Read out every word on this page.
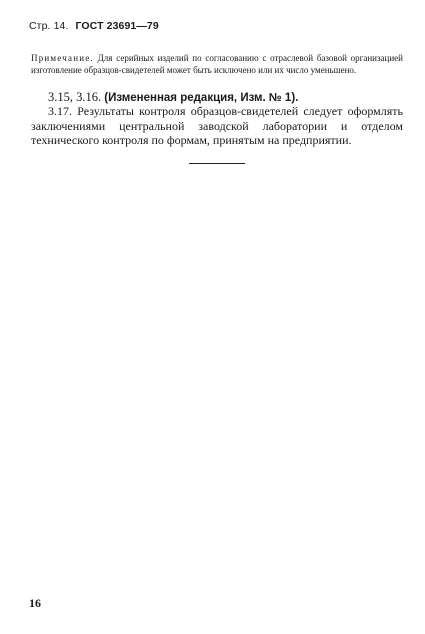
Стр. 14. ГОСТ 23691—79
Примечание. Для серийных изделий по согласованию с отраслевой базовой организацией изготовление образцов-свидетелей может быть исключено или их число уменьшено.
3.15, 3.16. (Измененная редакция, Изм. № 1).
3.17. Результаты контроля образцов-свидетелей следует оформлять заключениями центральной заводской лаборатории и отделом технического контроля по формам, принятым на предприятии.
16
